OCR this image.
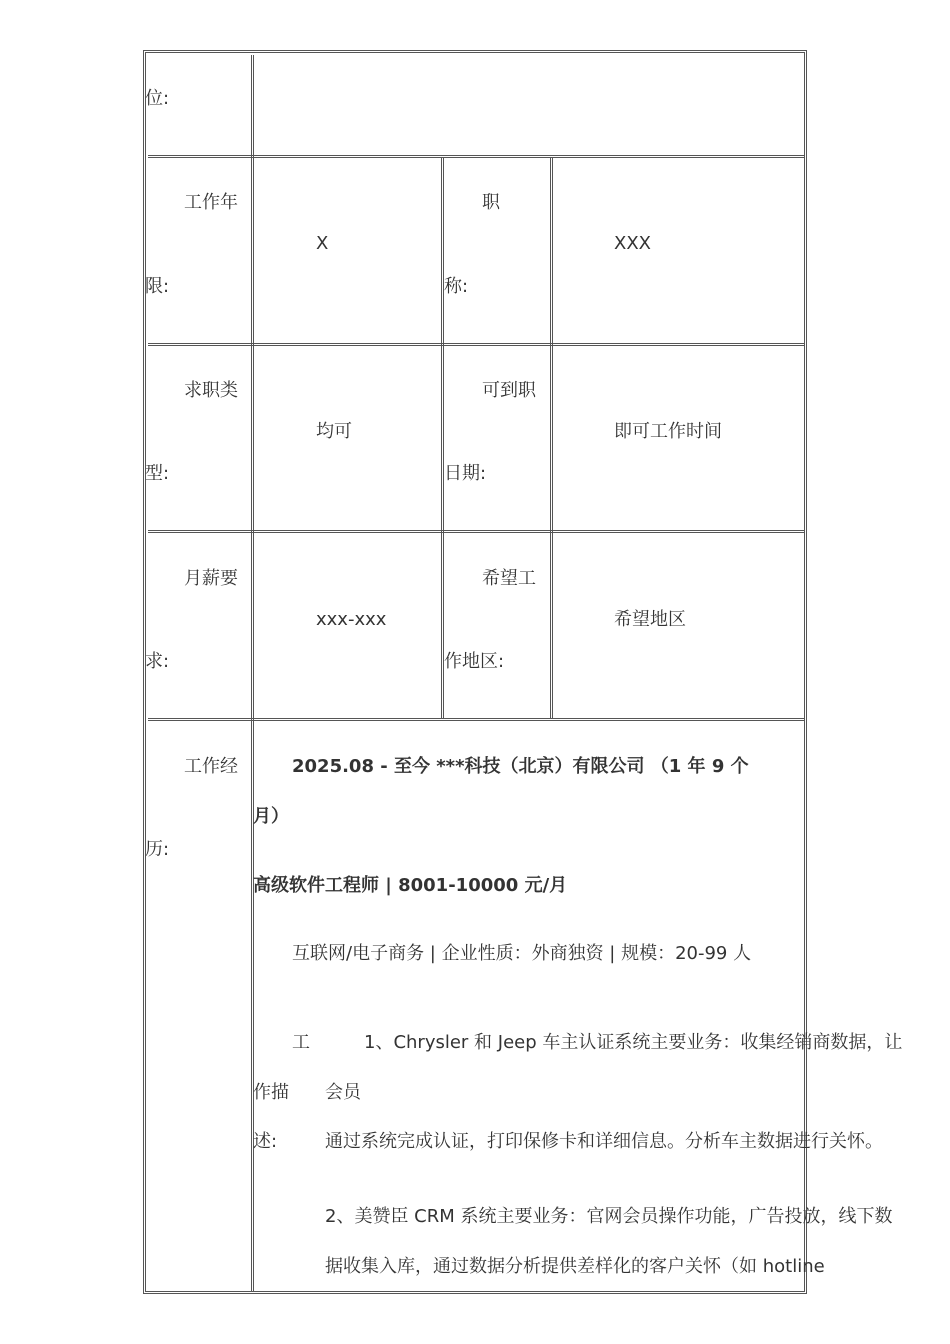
位:
工作年
限:
X
职
称:
XXX
求职类
型:
均可
可到职
日期:
即可工作时间
月薪要
求:
xxx-xxx
希望工
作地区:
希望地区
工作经
历:
2025.08 - 至今 ***科技（北京）有限公司 （1 年 9 个
月）
高级软件工程师 | 8001-10000 元/月
互联网/电子商务 | 企业性质：外商独资 | 规模：20-99 人
工
作描
述:
1、Chrysler 和 Jeep 车主认证系统主要业务：收集经销商数据，让
会员
通过系统完成认证，打印保修卡和详细信息。分析车主数据进行关怀。
2、美赞臣 CRM 系统主要业务：官网会员操作功能，广告投放，线下数
据收集入库，通过数据分析提供差样化的客户关怀（如 hotline
